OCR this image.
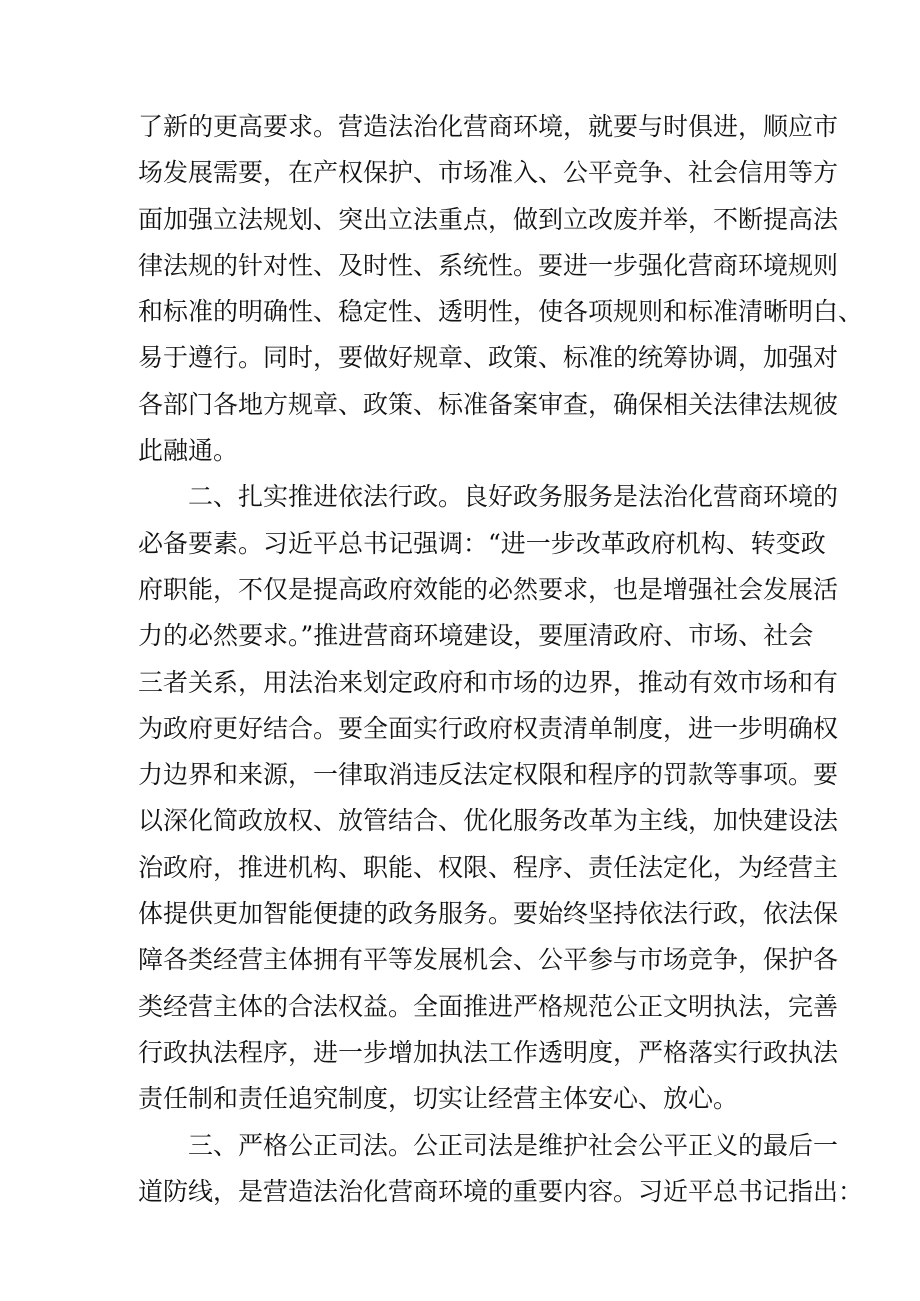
了新的更高要求。营造法治化营商环境，就要与时俱进，顺应市
场发展需要，在产权保护、市场准入、公平竞争、社会信用等方
面加强立法规划、突出立法重点，做到立改废并举，不断提高法
律法规的针对性、及时性、系统性。要进一步强化营商环境规则
和标准的明确性、稳定性、透明性，使各项规则和标准清晰明白、
易于遵行。同时，要做好规章、政策、标准的统筹协调，加强对
各部门各地方规章、政策、标准备案审查，确保相关法律法规彼
此融通。
二、扎实推进依法行政。良好政务服务是法治化营商环境的
必备要素。习近平总书记强调：“进一步改革政府机构、转变政
府职能，不仅是提高政府效能的必然要求，也是增强社会发展活
力的必然要求。”推进营商环境建设，要厘清政府、市场、社会
三者关系，用法治来划定政府和市场的边界，推动有效市场和有
为政府更好结合。要全面实行政府权责清单制度，进一步明确权
力边界和来源，一律取消违反法定权限和程序的罚款等事项。要
以深化简政放权、放管结合、优化服务改革为主线，加快建设法
治政府，推进机构、职能、权限、程序、责任法定化，为经营主
体提供更加智能便捷的政务服务。要始终坚持依法行政，依法保
障各类经营主体拥有平等发展机会、公平参与市场竞争，保护各
类经营主体的合法权益。全面推进严格规范公正文明执法，完善
行政执法程序，进一步增加执法工作透明度，严格落实行政执法
责任制和责任追究制度，切实让经营主体安心、放心。
三、严格公正司法。公正司法是维护社会公平正义的最后一
道防线，是营造法治化营商环境的重要内容。习近平总书记指出：
